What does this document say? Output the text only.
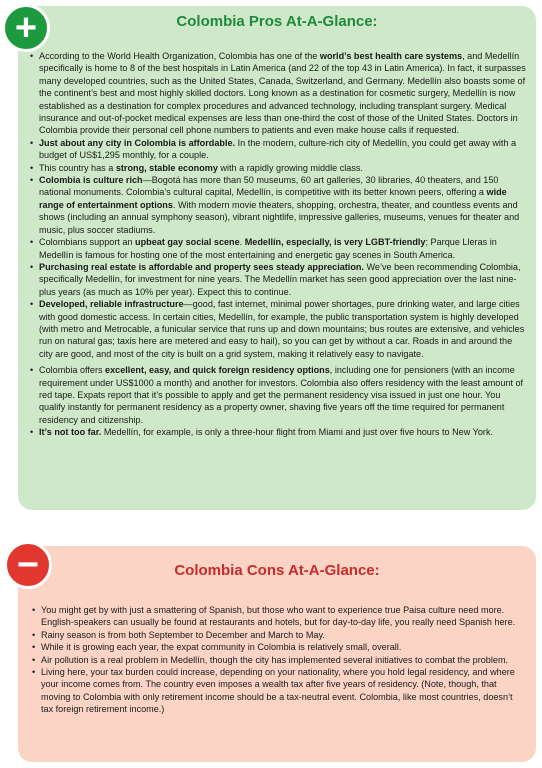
Colombia Pros At-A-Glance:
• According to the World Health Organization, Colombia has one of the world’s best health care systems, and Medellín specifically is home to 8 of the best hospitals in Latin America (and 22 of the top 43 in Latin America). In fact, it surpasses many developed countries, such as the United States, Canada, Switzerland, and Germany. Medellín also boasts some of the continent’s best and most highly skilled doctors. Long known as a destination for cosmetic surgery, Medellín is now established as a destination for complex procedures and advanced technology, including transplant surgery. Medical insurance and out-of-pocket medical expenses are less than one-third the cost of those of the United States. Doctors in Colombia provide their personal cell phone numbers to patients and even make house calls if requested.
• Just about any city in Colombia is affordable. In the modern, culture-rich city of Medellín, you could get away with a budget of US$1,295 monthly, for a couple.
• This country has a strong, stable economy with a rapidly growing middle class.
• Colombia is culture rich—Bogotá has more than 50 museums, 60 art galleries, 30 libraries, 40 theaters, and 150 national monuments. Colombia’s cultural capital, Medellín, is competitive with its better known peers, offering a wide range of entertainment options. With modern movie theaters, shopping, orchestra, theater, and countless events and shows (including an annual symphony season), vibrant nightlife, impressive galleries, museums, venues for theater and music, plus soccer stadiums.
• Colombians support an upbeat gay social scene. Medellín, especially, is very LGBT-friendly; Parque Lleras in Medellín is famous for hosting one of the most entertaining and energetic gay scenes in South America.
• Purchasing real estate is affordable and property sees steady appreciation. We’ve been recommending Colombia, specifically Medellín, for investment for nine years. The Medellín market has seen good appreciation over the last nine-plus years (as much as 10% per year). Expect this to continue.
• Developed, reliable infrastructure—good, fast internet, minimal power shortages, pure drinking water, and large cities with good domestic access. In certain cities, Medellín, for example, the public transportation system is highly developed (with metro and Metrocable, a funicular service that runs up and down mountains; bus routes are extensive, and vehicles run on natural gas; taxis here are metered and easy to hail), so you can get by without a car. Roads in and around the city are good, and most of the city is built on a grid system, making it relatively easy to navigate.
• Colombia offers excellent, easy, and quick foreign residency options, including one for pensioners (with an income requirement under US$1000 a month) and another for investors. Colombia also offers residency with the least amount of red tape. Expats report that it’s possible to apply and get the permanent residency visa issued in just one hour. You qualify instantly for permanent residency as a property owner, shaving five years off the time required for permanent residency and citizenship.
• It’s not too far. Medellín, for example, is only a three-hour flight from Miami and just over five hours to New York.
Colombia Cons At-A-Glance:
• You might get by with just a smattering of Spanish, but those who want to experience true Paisa culture need more. English-speakers can usually be found at restaurants and hotels, but for day-to-day life, you really need Spanish here.
• Rainy season is from both September to December and March to May.
• While it is growing each year, the expat community in Colombia is relatively small, overall.
• Air pollution is a real problem in Medellín, though the city has implemented several initiatives to combat the problem.
• Living here, your tax burden could increase, depending on your nationality, where you hold legal residency, and where your income comes from. The country even imposes a wealth tax after five years of residency. (Note, though, that moving to Colombia with only retirement income should be a tax-neutral event. Colombia, like most countries, doesn’t tax foreign retirement income.)
+
−
